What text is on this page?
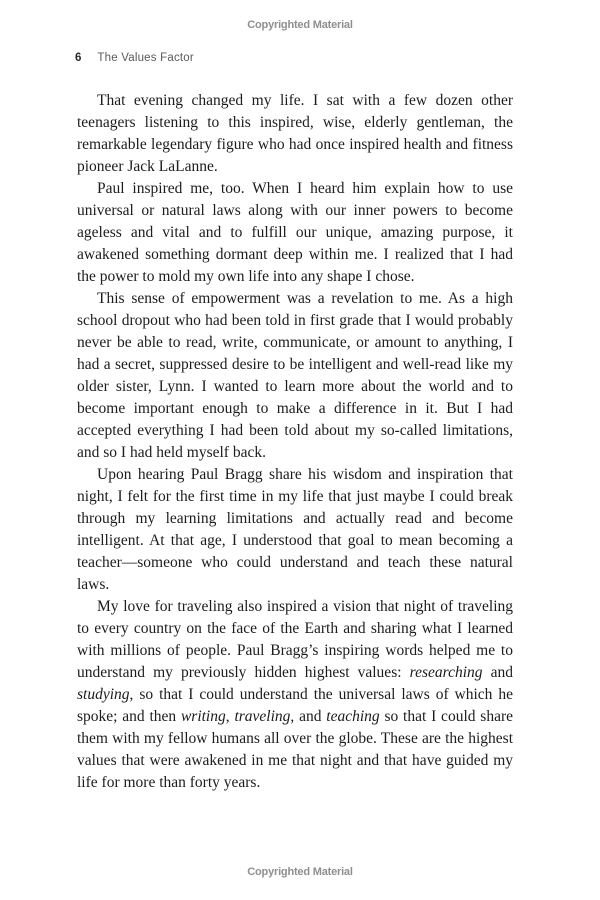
Copyrighted Material
6 The Values Factor

That evening changed my life. I sat with a few dozen other teenagers listening to this inspired, wise, elderly gentleman, the remarkable legendary figure who had once inspired health and fitness pioneer Jack LaLanne.

Paul inspired me, too. When I heard him explain how to use universal or natural laws along with our inner powers to become ageless and vital and to fulfill our unique, amazing purpose, it awakened something dormant deep within me. I realized that I had the power to mold my own life into any shape I chose.

This sense of empowerment was a revelation to me. As a high school dropout who had been told in first grade that I would probably never be able to read, write, communicate, or amount to anything, I had a secret, suppressed desire to be intelligent and well-read like my older sister, Lynn. I wanted to learn more about the world and to become important enough to make a difference in it. But I had accepted everything I had been told about my so-called limitations, and so I had held myself back.

Upon hearing Paul Bragg share his wisdom and inspiration that night, I felt for the first time in my life that just maybe I could break through my learning limitations and actually read and become intelligent. At that age, I understood that goal to mean becoming a teacher—someone who could understand and teach these natural laws.

My love for traveling also inspired a vision that night of traveling to every country on the face of the Earth and sharing what I learned with millions of people. Paul Bragg’s inspiring words helped me to understand my previously hidden highest values: researching and studying, so that I could understand the universal laws of which he spoke; and then writing, traveling, and teaching so that I could share them with my fellow humans all over the globe. These are the highest values that were awakened in me that night and that have guided my life for more than forty years.

Copyrighted Material
